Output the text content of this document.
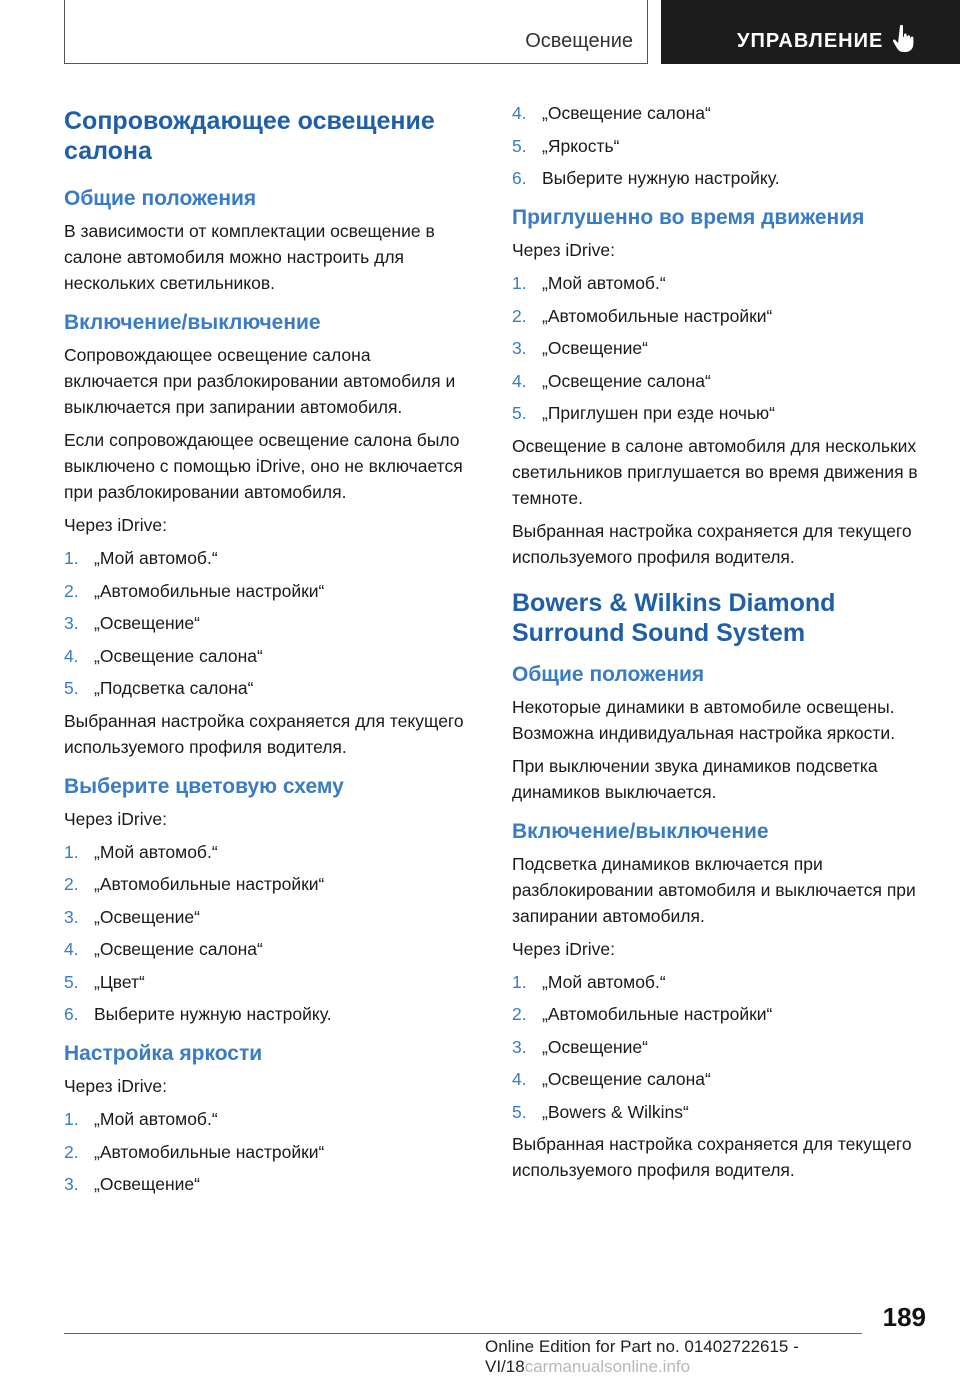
Освещение	УПРАВЛЕНИЕ
Сопровождающее освещение салона
Общие положения

В зависимости от комплектации освещение в салоне автомобиля можно настроить для нескольких светильников.

Включение/выключение

Сопровождающее освещение салона включается при разблокировании автомобиля и выключается при запирании автомобиля.

Если сопровождающее освещение салона было выключено с помощью iDrive, оно не включается при разблокировании автомобиля.

Через iDrive:

1. „Мой автомоб.“
2. „Автомобильные настройки“
3. „Освещение“
4. „Освещение салона“
5. „Подсветка салона“

Выбранная настройка сохраняется для текущего используемого профиля водителя.

Выберите цветовую схему

Через iDrive:

1. „Мой автомоб.“
2. „Автомобильные настройки“
3. „Освещение“
4. „Освещение салона“
5. „Цвет“
6. Выберите нужную настройку.
Настройка яркости

Через iDrive:

1. „Мой автомоб.“
2. „Автомобильные настройки“
3. „Освещение“
4. „Освещение салона“
5. „Яркость“
6. Выберите нужную настройку.
Приглушенно во время движения

Через iDrive:

1. „Мой автомоб.“
2. „Автомобильные настройки“
3. „Освещение“
4. „Освещение салона“
5. „Приглушен при езде ночью“

Освещение в салоне автомобиля для нескольких светильников приглушается во время движения в темноте.

Выбранная настройка сохраняется для текущего используемого профиля водителя.

Bowers & Wilkins Diamond Surround Sound System
Общие положения

Некоторые динамики в автомобиле освещены. Возможна индивидуальная настройка яркости.

При выключении звука динамиков подсветка динамиков выключается.

Включение/выключение

Подсветка динамиков включается при разблокировании автомобиля и выключается при запирании автомобиля.

Через iDrive:

1. „Мой автомоб.“
2. „Автомобильные настройки“
3. „Освещение“
4. „Освещение салона“
5. „Bowers & Wilkins“

Выбранная настройка сохраняется для текущего используемого профиля водителя.

189
Online Edition for Part no. 01402722615 - VI/18carmanualsonline.info
